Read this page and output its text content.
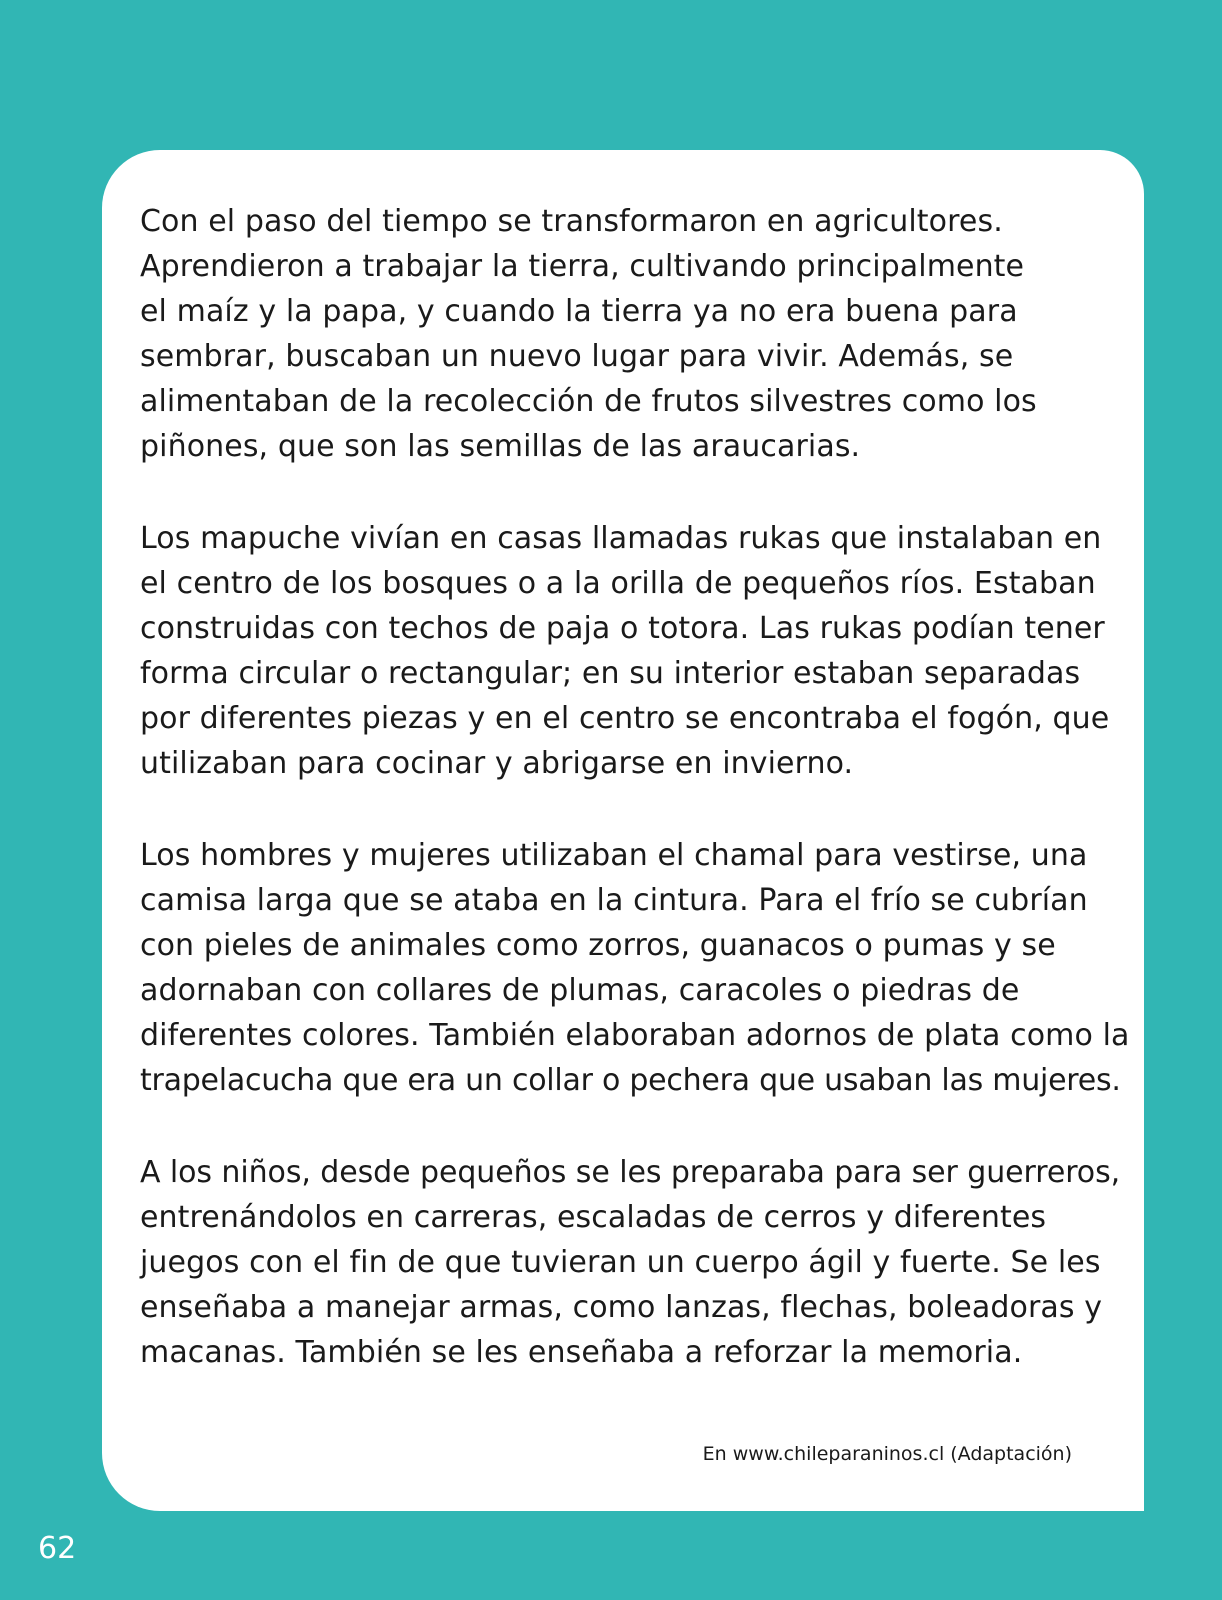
Con el paso del tiempo se transformaron en agricultores.
Aprendieron a trabajar la tierra, cultivando principalmente
el maíz y la papa, y cuando la tierra ya no era buena para
sembrar, buscaban un nuevo lugar para vivir. Además, se
alimentaban de la recolección de frutos silvestres como los
piñones, que son las semillas de las araucarias.

Los mapuche vivían en casas llamadas rukas que instalaban en
el centro de los bosques o a la orilla de pequeños ríos. Estaban
construidas con techos de paja o totora. Las rukas podían tener
forma circular o rectangular; en su interior estaban separadas
por diferentes piezas y en el centro se encontraba el fogón, que
utilizaban para cocinar y abrigarse en invierno.

Los hombres y mujeres utilizaban el chamal para vestirse, una
camisa larga que se ataba en la cintura. Para el frío se cubrían
con pieles de animales como zorros, guanacos o pumas y se
adornaban con collares de plumas, caracoles o piedras de
diferentes colores. También elaboraban adornos de plata como la
trapelacucha que era un collar o pechera que usaban las mujeres.

A los niños, desde pequeños se les preparaba para ser guerreros,
entrenándolos en carreras, escaladas de cerros y diferentes
juegos con el fin de que tuvieran un cuerpo ágil y fuerte. Se les
enseñaba a manejar armas, como lanzas, flechas, boleadoras y
macanas. También se les enseñaba a reforzar la memoria.

En www.chileparaninos.cl (Adaptación)
62
